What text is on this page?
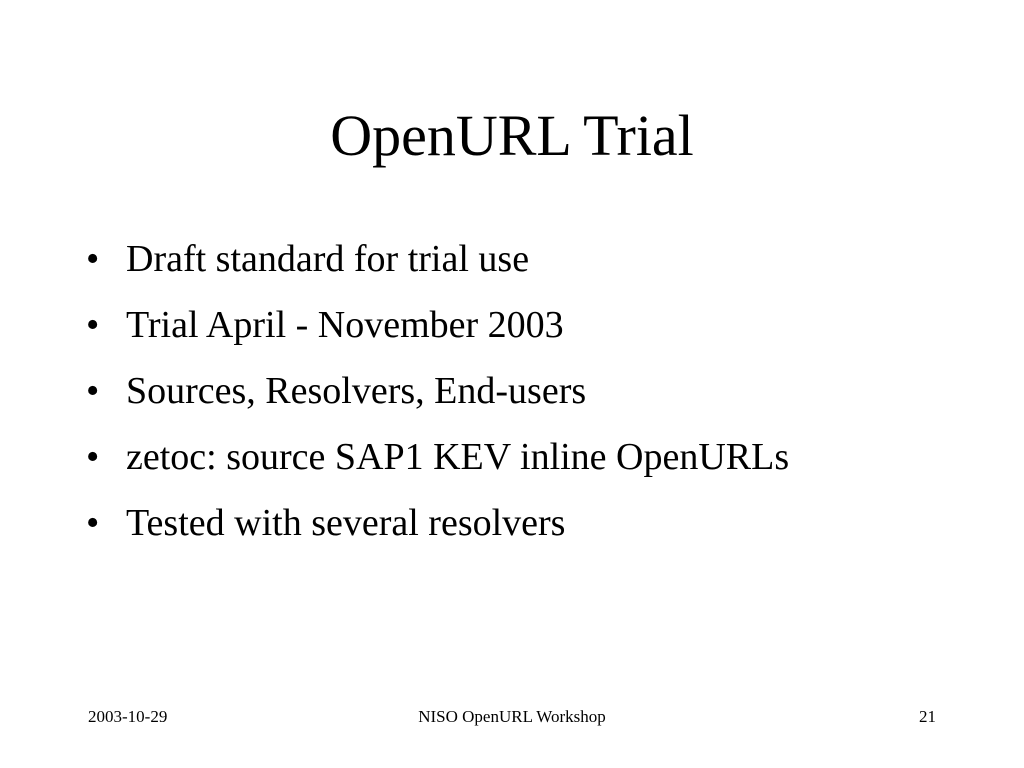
OpenURL Trial
• Draft standard for trial use
• Trial April - November 2003
• Sources, Resolvers, End-users
• zetoc: source SAP1 KEV inline OpenURLs
• Tested with several resolvers
2003-10-29	NISO OpenURL Workshop	21
